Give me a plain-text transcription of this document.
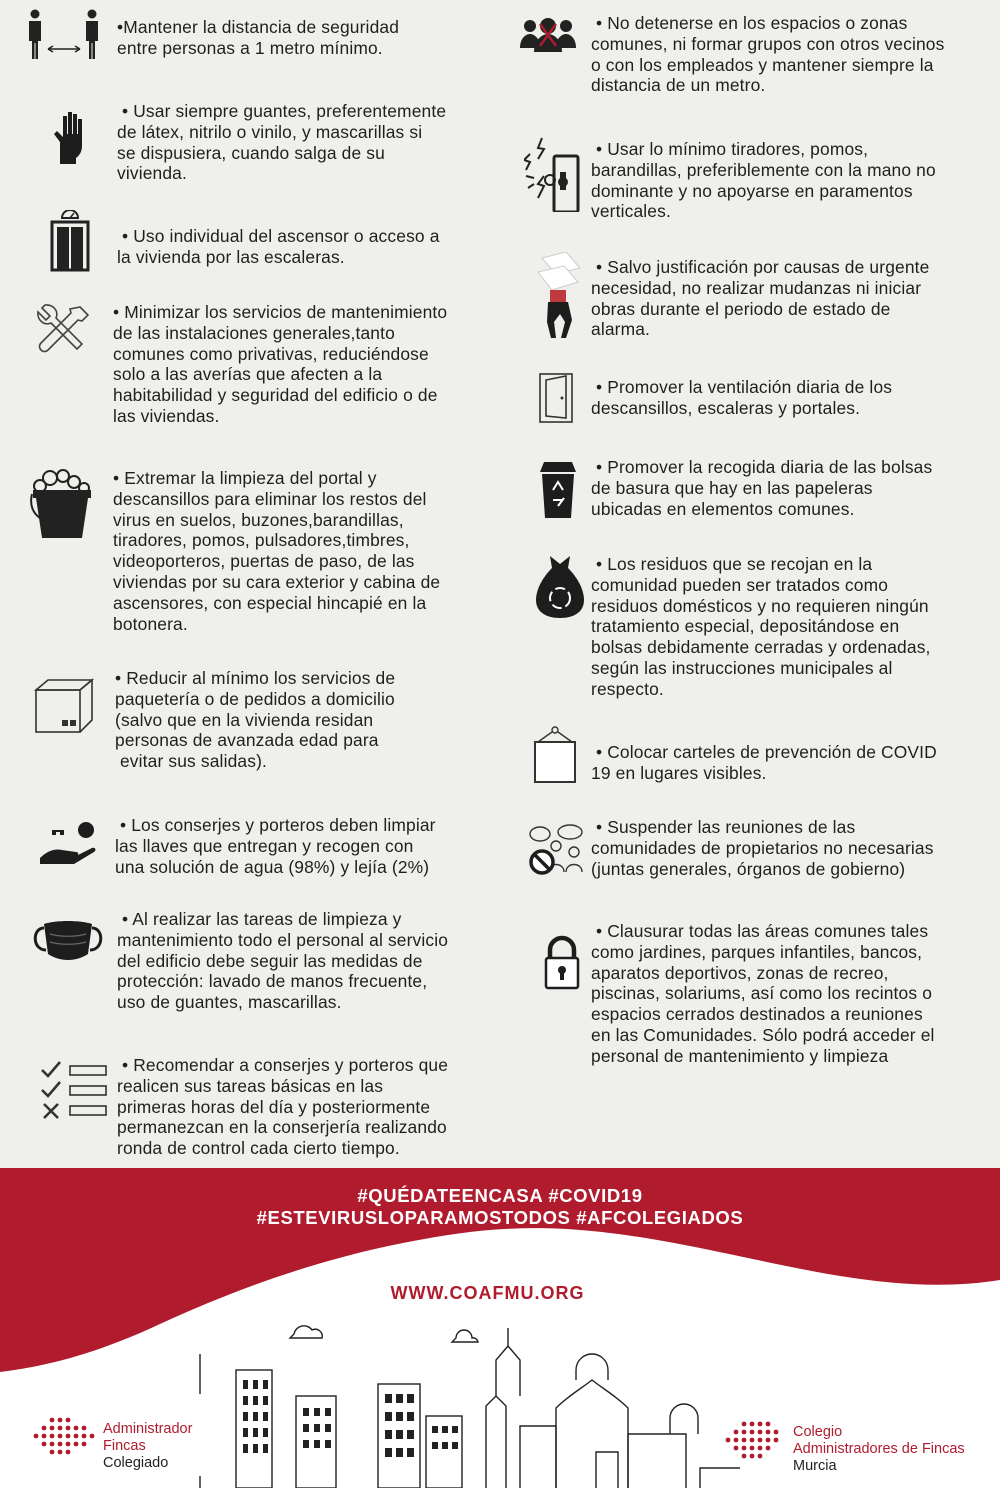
•Mantener la distancia de seguridad
entre personas a 1 metro mínimo.
• Usar siempre guantes, preferentemente
de látex, nitrilo o vinilo, y mascarillas si
se dispusiera, cuando salga de su
vivienda.
• Uso individual del ascensor o acceso a
la vivienda por las escaleras.
• Minimizar los servicios de mantenimiento
de las instalaciones generales,tanto
comunes como privativas, reduciéndose
solo a las averías que afecten a la
habitabilidad y seguridad del edificio o de
las viviendas.
• Extremar la limpieza del portal y
descansillos para eliminar los restos del
virus en suelos, buzones,barandillas,
tiradores, pomos, pulsadores,timbres,
videoporteros, puertas de paso, de las
viviendas por su cara exterior y cabina de
ascensores, con especial hincapié en la
botonera.
• Reducir al mínimo los servicios de
paquetería o de pedidos a domicilio
(salvo que en la vivienda residan
personas de avanzada edad para
evitar sus salidas).
• Los conserjes y porteros deben limpiar
las llaves que entregan y recogen con
una solución de agua (98%) y lejía (2%)
• Al realizar las tareas de limpieza y
mantenimiento todo el personal al servicio
del edificio debe seguir las medidas de
protección: lavado de manos frecuente,
uso de guantes, mascarillas.
• Recomendar a conserjes y porteros que
realicen sus tareas básicas en las
primeras horas del día y posteriormente
permanezcan en la conserjería realizando
ronda de control cada cierto tiempo.
• No detenerse en los espacios o zonas
comunes, ni formar grupos con otros vecinos
o con los empleados y mantener siempre la
distancia de un metro.
• Usar lo mínimo tiradores, pomos,
barandillas, preferiblemente con la mano no
dominante y no apoyarse en paramentos
verticales.
• Salvo justificación por causas de urgente
necesidad, no realizar mudanzas ni iniciar
obras durante el periodo de estado de
alarma.
• Promover la ventilación diaria de los
descansillos, escaleras y portales.
• Promover la recogida diaria de las bolsas
de basura que hay en las papeleras
ubicadas en elementos comunes.
• Los residuos que se recojan en la
comunidad pueden ser tratados como
residuos domésticos y no requieren ningún
tratamiento especial, depositándose en
bolsas debidamente cerradas y ordenadas,
según las instrucciones municipales al
respecto.
• Colocar carteles de prevención de COVID
19 en lugares visibles.
• Suspender las reuniones de las
comunidades de propietarios no necesarias
(juntas generales, órganos de gobierno)
• Clausurar todas las áreas comunes tales
como jardines, parques infantiles, bancos,
aparatos deportivos, zonas de recreo,
piscinas, solariums, así como los recintos o
espacios cerrados destinados a reuniones
en las Comunidades. Sólo podrá acceder el
personal de mantenimiento y limpieza
#QUÉDATEENCASA #COVID19
#ESTEVIRUSLOPARAMOSTODOS #AFCOLEGIADOS
WWW.COAFMU.ORG
Administrador
Fincas
Colegiado
Colegio
Administradores de Fincas
Murcia
